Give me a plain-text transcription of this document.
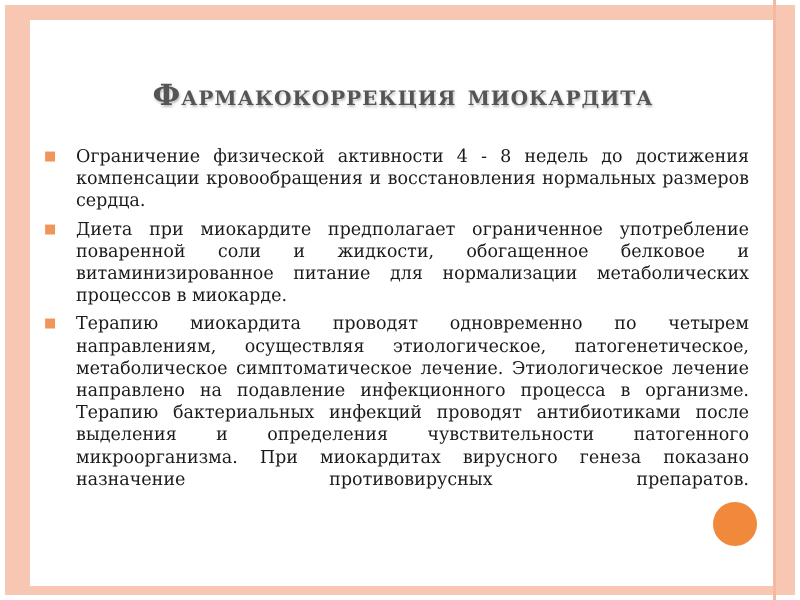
Фармакокоррекция миокардита
■ Ограничение физической активности 4 - 8 недель до достижения компенсации кровообращения и восстановления нормальных размеров сердца.
■ Диета при миокардите предполагает ограниченное употребление поваренной соли и жидкости, обогащенное белковое и витаминизированное питание для нормализации метаболических процессов в миокарде.
■ Терапию миокардита проводят одновременно по четырем направлениям, осуществляя этиологическое, патогенетическое, метаболическое симптоматическое лечение. Этиологическое лечение направлено на подавление инфекционного процесса в организме. Терапию бактериальных инфекций проводят антибиотиками после выделения и определения чувствительности патогенного микроорганизма. При миокардитах вирусного генеза показано назначение противовирусных препаратов.
